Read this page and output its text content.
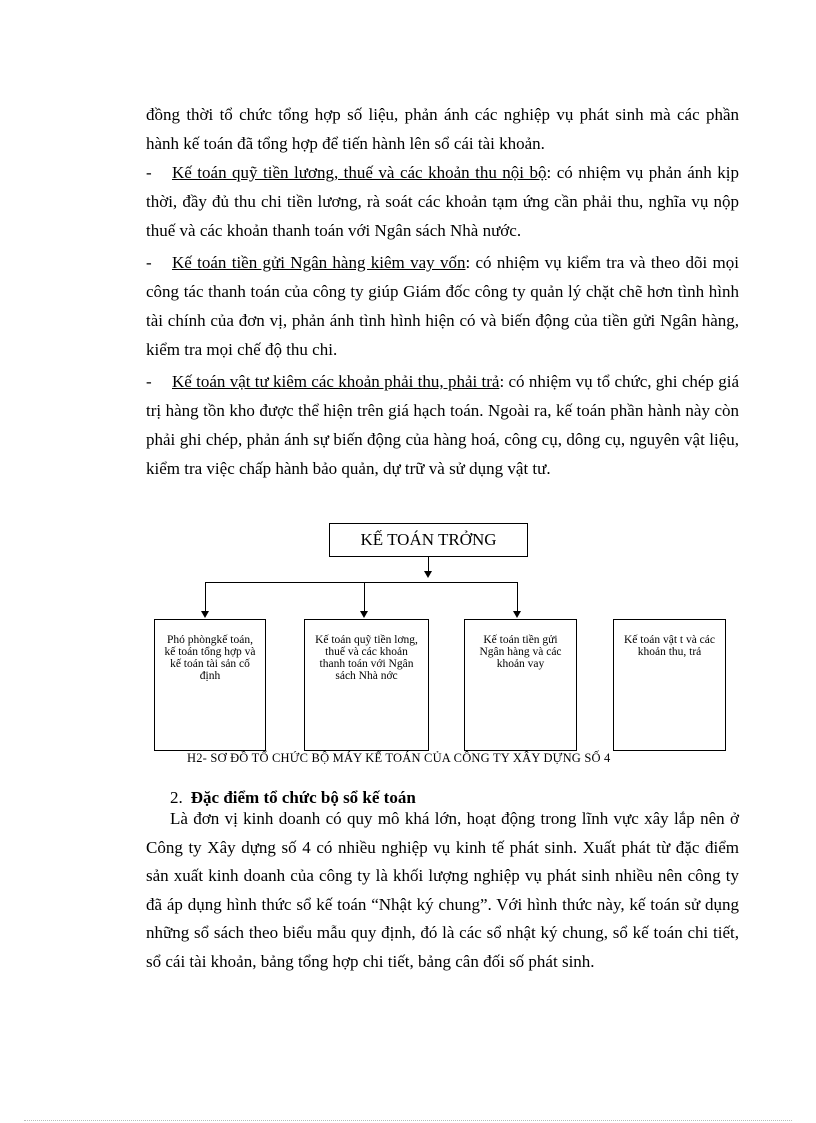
đồng thời tổ chức tổng hợp số liệu, phản ánh các nghiệp vụ phát sinh mà các phần hành kế toán đã tổng hợp để tiến hành lên sổ cái tài khoản.

- Kế toán quỹ tiền lương, thuế và các khoản thu nội bộ: có nhiệm vụ phản ánh kịp thời, đầy đủ thu chi tiền lương, rà soát các khoản tạm ứng cần phải thu, nghĩa vụ nộp thuế và các khoản thanh toán với Ngân sách Nhà nước.

- Kế toán tiền gửi Ngân hàng kiêm vay vốn: có nhiệm vụ kiểm tra và theo dõi mọi công tác thanh toán của công ty giúp Giám đốc công ty quản lý chặt chẽ hơn tình hình tài chính của đơn vị, phản ánh tình hình hiện có và biến động của tiền gửi Ngân hàng, kiểm tra mọi chế độ thu chi.

- Kế toán vật tư kiêm các khoản phải thu, phải trả: có nhiệm vụ tổ chức, ghi chép giá trị hàng tồn kho được thể hiện trên giá hạch toán. Ngoài ra, kế toán phần hành này còn phải ghi chép, phản ánh sự biến động của hàng hoá, công cụ, dông cụ, nguyên vật liệu, kiểm tra việc chấp hành bảo quản, dự trữ và sử dụng vật tư.

KẾ TOÁN TRỞNG
Phó phòngkế toán, kế toán tổng hợp và kế toán tài sản cố định
Kế toán quỹ tiền lơng, thuế và các khoản thanh toán với Ngân sách Nhà nớc
Kế toán tiền gửi Ngân hàng và các khoản vay
Kế toán vật t và các khoản thu, trả
H2- SƠ ĐỒ TỔ CHỨC BỘ MÁY KẾ TOÁN CỦA CÔNG TY XÂY DỰNG SỐ 4
2. Đặc điểm tổ chức bộ sổ kế toán

Là đơn vị kinh doanh có quy mô khá lớn, hoạt động trong lĩnh vực xây lắp nên ở Công ty Xây dựng số 4 có nhiều nghiệp vụ kinh tế phát sinh. Xuất phát từ đặc điểm sản xuất kinh doanh của công ty là khối lượng nghiệp vụ phát sinh nhiều nên công ty đã áp dụng hình thức sổ kế toán “Nhật ký chung”. Với hình thức này, kế toán sử dụng những sổ sách theo biểu mẫu quy định, đó là các sổ nhật ký chung, sổ kế toán chi tiết, sổ cái tài khoản, bảng tổng hợp chi tiết, bảng cân đối số phát sinh.
